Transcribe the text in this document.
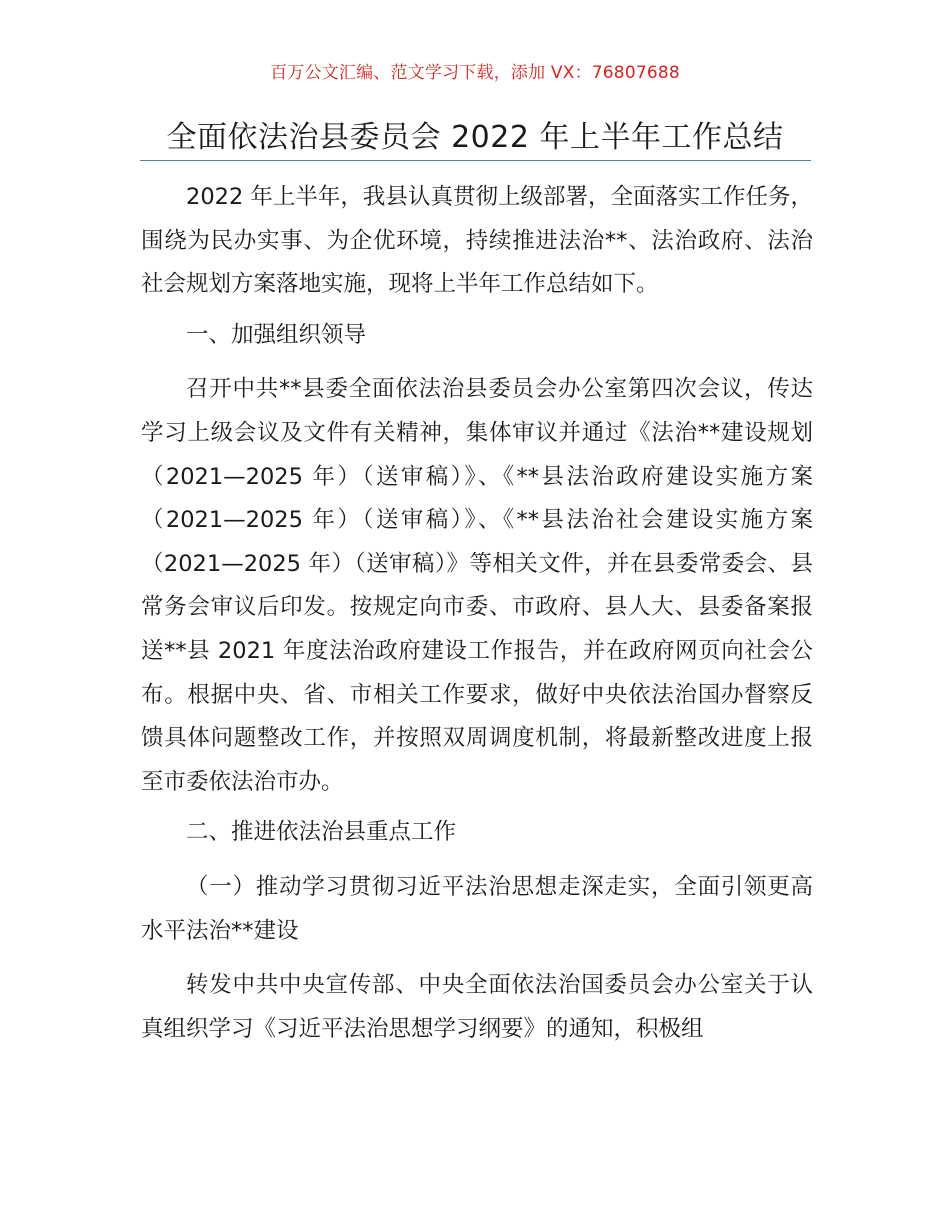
百万公文汇编、范文学习下载，添加 VX：76807688
全面依法治县委员会 2022 年上半年工作总结

2022 年上半年，我县认真贯彻上级部署，全面落实工作任务，围绕为民办实事、为企优环境，持续推进法治**、法治政府、法治社会规划方案落地实施，现将上半年工作总结如下。

一、加强组织领导

召开中共**县委全面依法治县委员会办公室第四次会议，传达学习上级会议及文件有关精神，集体审议并通过《法治**建设规划（2021—2025 年）（送审稿）》、《**县法治政府建设实施方案（2021—2025 年）（送审稿）》、《**县法治社会建设实施方案（2021—2025 年）（送审稿）》等相关文件，并在县委常委会、县常务会审议后印发。按规定向市委、市政府、县人大、县委备案报送**县 2021 年度法治政府建设工作报告，并在政府网页向社会公布。根据中央、省、市相关工作要求，做好中央依法治国办督察反馈具体问题整改工作，并按照双周调度机制，将最新整改进度上报至市委依法治市办。

二、推进依法治县重点工作

（一）推动学习贯彻习近平法治思想走深走实，全面引领更高水平法治**建设

转发中共中央宣传部、中央全面依法治国委员会办公室关于认真组织学习《习近平法治思想学习纲要》的通知，积极组
